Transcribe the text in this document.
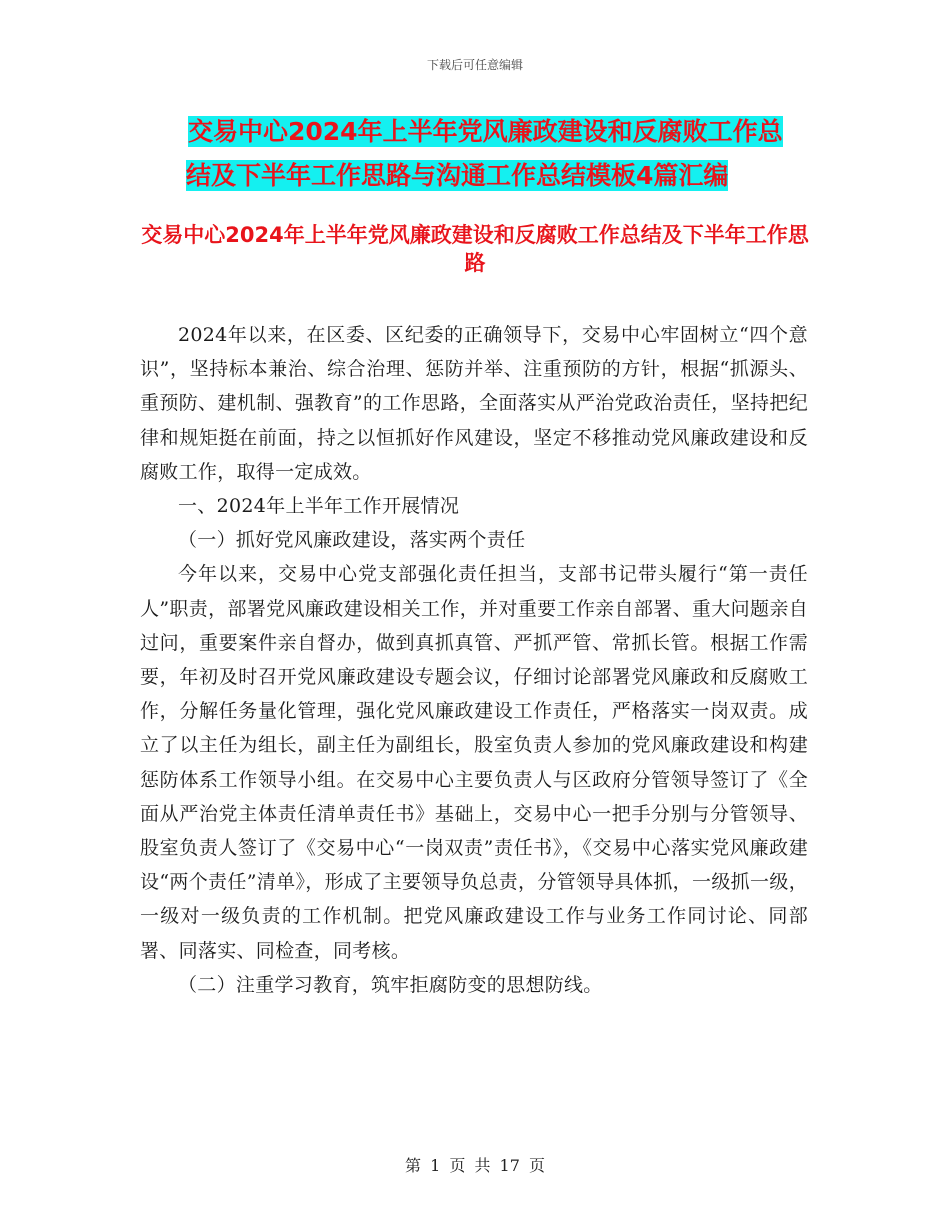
下载后可任意编辑
交易中心2024年上半年党风廉政建设和反腐败工作总
结及下半年工作思路与沟通工作总结模板4篇汇编
交易中心2024年上半年党风廉政建设和反腐败工作总结及下半年工作思路

2024年以来，在区委、区纪委的正确领导下，交易中心牢固树立“四个意识”，坚持标本兼治、综合治理、惩防并举、注重预防的方针，根据“抓源头、重预防、建机制、强教育”的工作思路，全面落实从严治党政治责任，坚持把纪律和规矩挺在前面，持之以恒抓好作风建设，坚定不移推动党风廉政建设和反腐败工作，取得一定成效。

一、2024年上半年工作开展情况

（一）抓好党风廉政建设，落实两个责任

今年以来，交易中心党支部强化责任担当，支部书记带头履行“第一责任人”职责，部署党风廉政建设相关工作，并对重要工作亲自部署、重大问题亲自过问，重要案件亲自督办，做到真抓真管、严抓严管、常抓长管。根据工作需要，年初及时召开党风廉政建设专题会议，仔细讨论部署党风廉政和反腐败工作，分解任务量化管理，强化党风廉政建设工作责任，严格落实一岗双责。成立了以主任为组长，副主任为副组长，股室负责人参加的党风廉政建设和构建惩防体系工作领导小组。在交易中心主要负责人与区政府分管领导签订了《全面从严治党主体责任清单责任书》基础上，交易中心一把手分别与分管领导、股室负责人签订了《交易中心“一岗双责”责任书》，《交易中心落实党风廉政建设“两个责任”清单》，形成了主要领导负总责，分管领导具体抓，一级抓一级，一级对一级负责的工作机制。把党风廉政建设工作与业务工作同讨论、同部署、同落实、同检查，同考核。

（二）注重学习教育，筑牢拒腐防变的思想防线。

第 1 页 共 17 页
